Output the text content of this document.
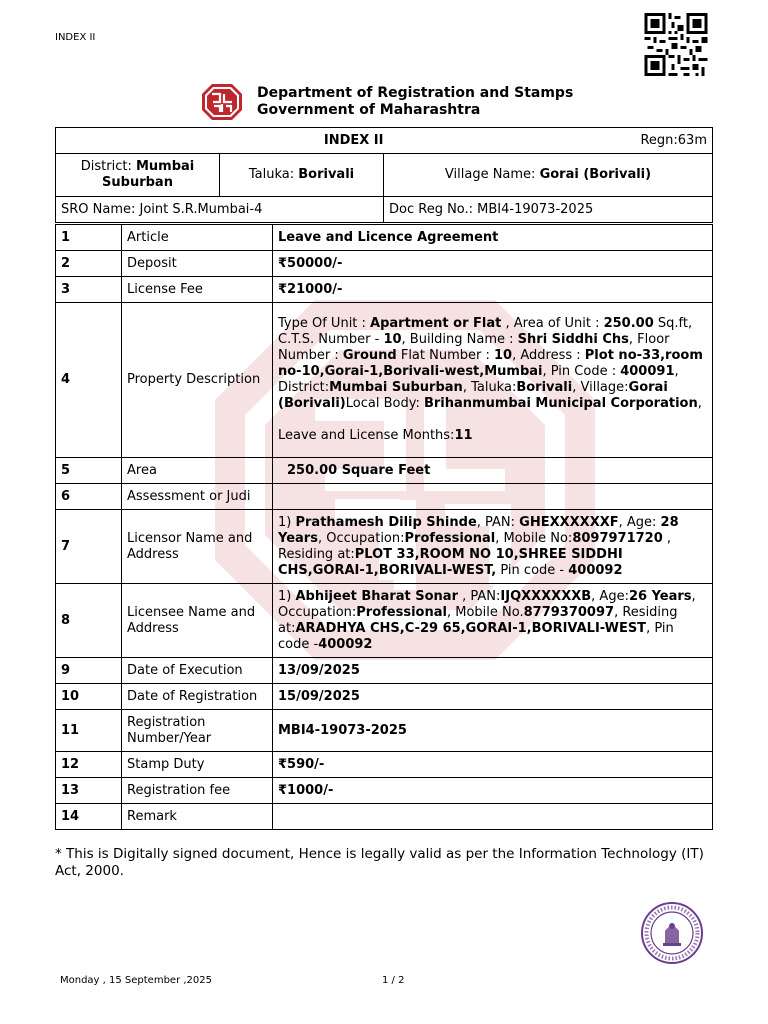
INDEX II
Department of Registration and Stamps
Government of Maharashtra
INDEX II		Regn:63m
District: Mumbai Suburban	Taluka: Borivali	Village Name: Gorai (Borivali)
SRO Name: Joint S.R.Mumbai-4		Doc Reg No.: MBI4-19073-2025
1	Article	Leave and Licence Agreement
2	Deposit	₹50000/-
3	License Fee	₹21000/-
4	Property Description	Type Of Unit : Apartment or Flat , Area of Unit : 250.00 Sq.ft, C.T.S. Number - 10, Building Name : Shri Siddhi Chs, Floor Number : Ground Flat Number : 10, Address : Plot no-33,room no-10,Gorai-1,Borivali-west,Mumbai, Pin Code : 400091, District:Mumbai Suburban, Taluka:Borivali, Village:Gorai (Borivali)Local Body: Brihanmumbai Municipal Corporation,
Leave and License Months:11
5	Area	250.00 Square Feet
6	Assessment or Judi	
7	Licensor Name and Address	1) Prathamesh Dilip Shinde, PAN: GHEXXXXXXF, Age: 28 Years, Occupation:Professional, Mobile No:8097971720 , Residing at:PLOT 33,ROOM NO 10,SHREE SIDDHI CHS,GORAI-1,BORIVALI-WEST, Pin code - 400092
8	Licensee Name and Address	1) Abhijeet Bharat Sonar , PAN:IJQXXXXXXB, Age:26 Years, Occupation:Professional, Mobile No.8779370097, Residing at:ARADHYA CHS,C-29 65,GORAI-1,BORIVALI-WEST, Pin code -400092
9	Date of Execution	13/09/2025
10	Date of Registration	15/09/2025
11	Registration Number/Year	MBI4-19073-2025
12	Stamp Duty	₹590/-
13	Registration fee	₹1000/-
14	Remark	
* This is Digitally signed document, Hence is legally valid as per the Information Technology (IT) Act, 2000.
Monday , 15 September ,2025	1 / 2
